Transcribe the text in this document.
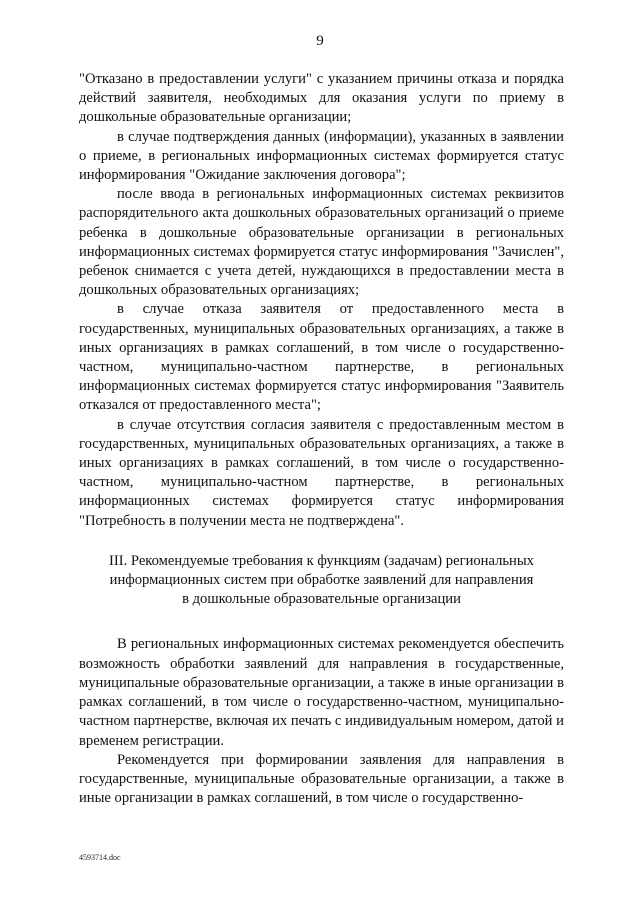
9

"Отказано в предоставлении услуги" с указанием причины отказа и порядка действий заявителя, необходимых для оказания услуги по приему в дошкольные образовательные организации;

в случае подтверждения данных (информации), указанных в заявлении о приеме, в региональных информационных системах формируется статус информирования "Ожидание заключения договора";

после ввода в региональных информационных системах реквизитов распорядительного акта дошкольных образовательных организаций о приеме ребенка в дошкольные образовательные организации в региональных информационных системах формируется статус информирования "Зачислен", ребенок снимается с учета детей, нуждающихся в предоставлении места в дошкольных образовательных организациях;

в случае отказа заявителя от предоставленного места в государственных, муниципальных образовательных организациях, а также в иных организациях в рамках соглашений, в том числе о государственно-частном, муниципально-частном партнерстве, в региональных информационных системах формируется статус информирования "Заявитель отказался от предоставленного места";

в случае отсутствия согласия заявителя с предоставленным местом в государственных, муниципальных образовательных организациях, а также в иных организациях в рамках соглашений, в том числе о государственно-частном, муниципально-частном партнерстве, в региональных информационных системах формируется статус информирования "Потребность в получении места не подтверждена".

III. Рекомендуемые требования к функциям (задачам) региональных

информационных систем при обработке заявлений для направления

в дошкольные образовательные организации

В региональных информационных системах рекомендуется обеспечить возможность обработки заявлений для направления в государственные, муниципальные образовательные организации, а также в иные организации в рамках соглашений, в том числе о государственно-частном, муниципально-частном партнерстве, включая их печать с индивидуальным номером, датой и временем регистрации.

Рекомендуется при формировании заявления для направления в государственные, муниципальные образовательные организации, а также в иные организации в рамках соглашений, в том числе о государственно-

4593714.doc
